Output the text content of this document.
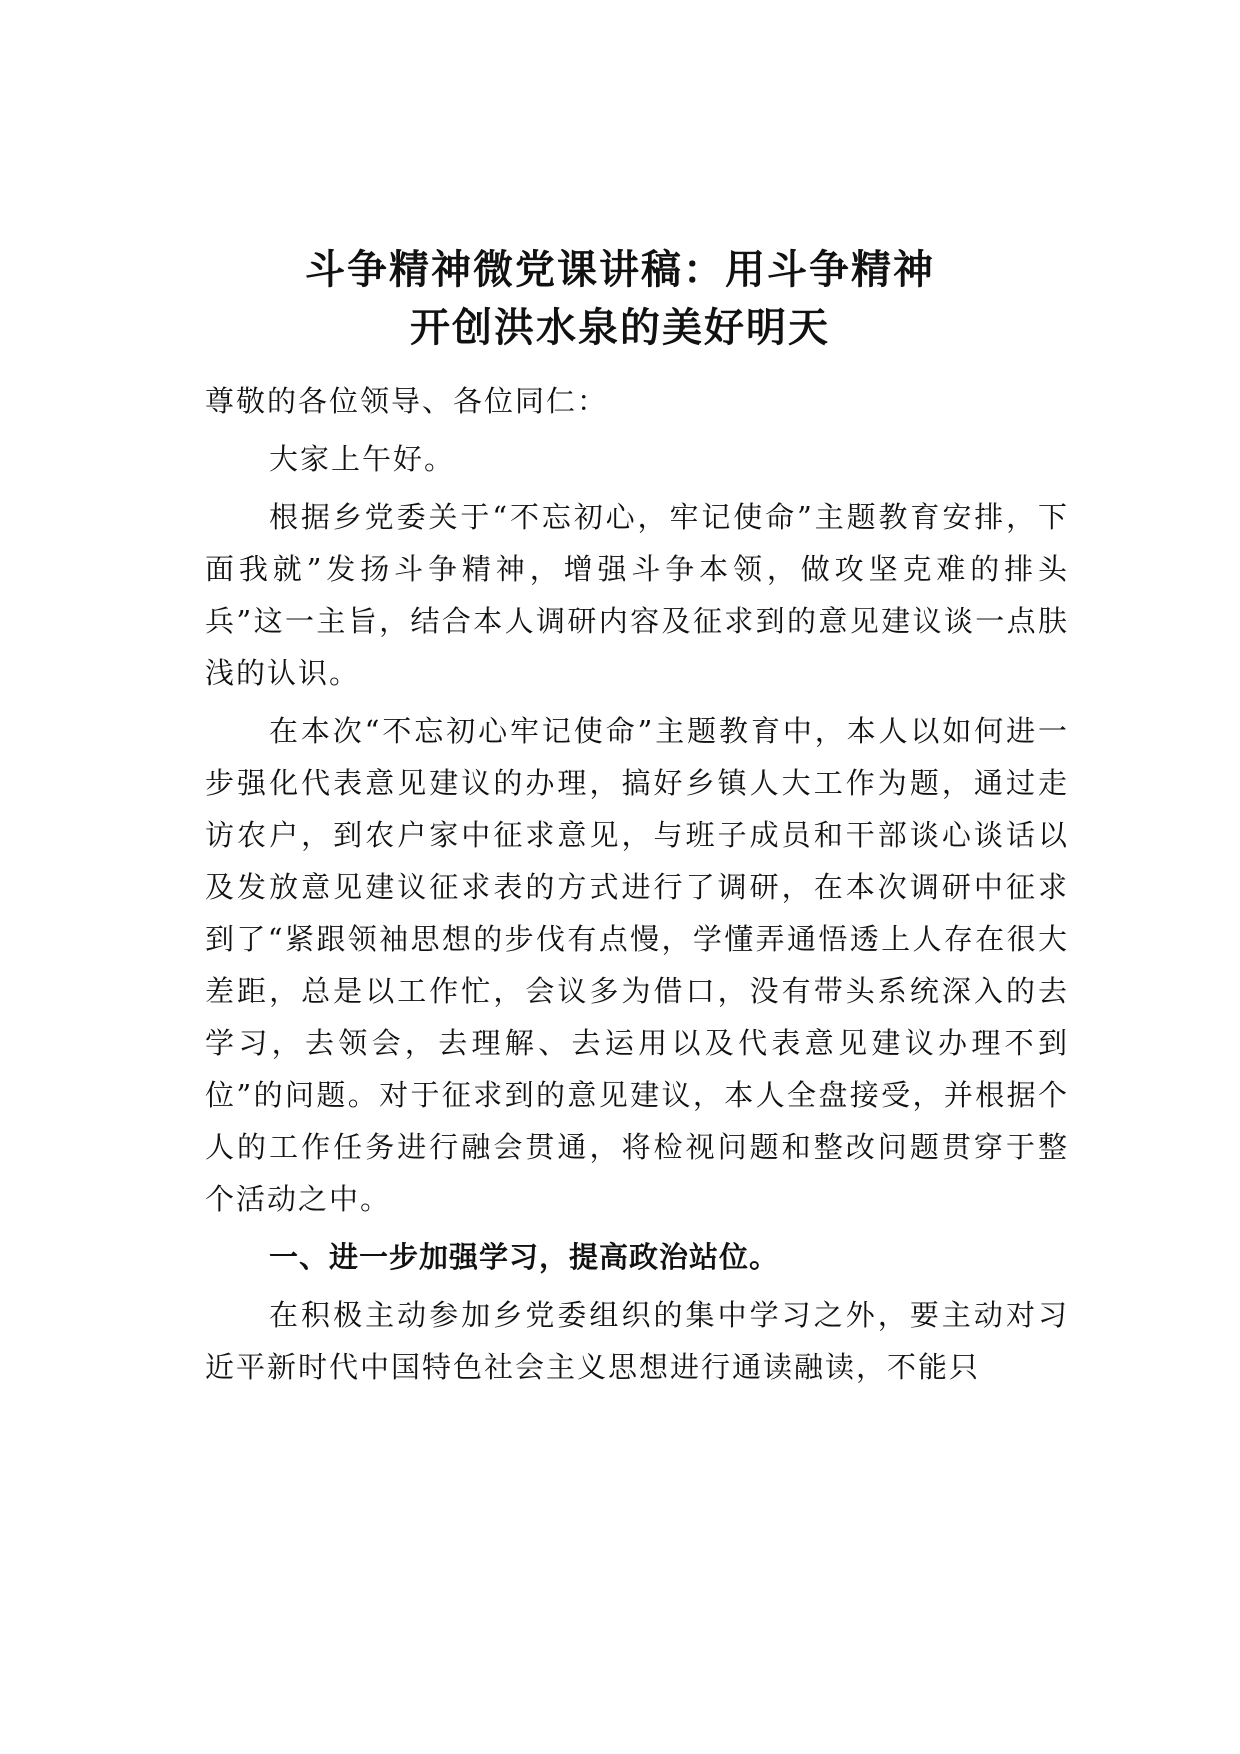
斗争精神微党课讲稿：用斗争精神
开创洪水泉的美好明天

尊敬的各位领导、各位同仁：

大家上午好。

根据乡党委关于“不忘初心，牢记使命”主题教育安排，下面我就”发扬斗争精神，增强斗争本领，做攻坚克难的排头兵”这一主旨，结合本人调研内容及征求到的意见建议谈一点肤浅的认识。

在本次“不忘初心牢记使命”主题教育中，本人以如何进一步强化代表意见建议的办理，搞好乡镇人大工作为题，通过走访农户，到农户家中征求意见，与班子成员和干部谈心谈话以及发放意见建议征求表的方式进行了调研，在本次调研中征求到了“紧跟领袖思想的步伐有点慢，学懂弄通悟透上人存在很大差距，总是以工作忙，会议多为借口，没有带头系统深入的去学习，去领会，去理解、去运用以及代表意见建议办理不到位”的问题。对于征求到的意见建议，本人全盘接受，并根据个人的工作任务进行融会贯通，将检视问题和整改问题贯穿于整个活动之中。

一、进一步加强学习，提高政治站位。

在积极主动参加乡党委组织的集中学习之外，要主动对习近平新时代中国特色社会主义思想进行通读融读，不能只
